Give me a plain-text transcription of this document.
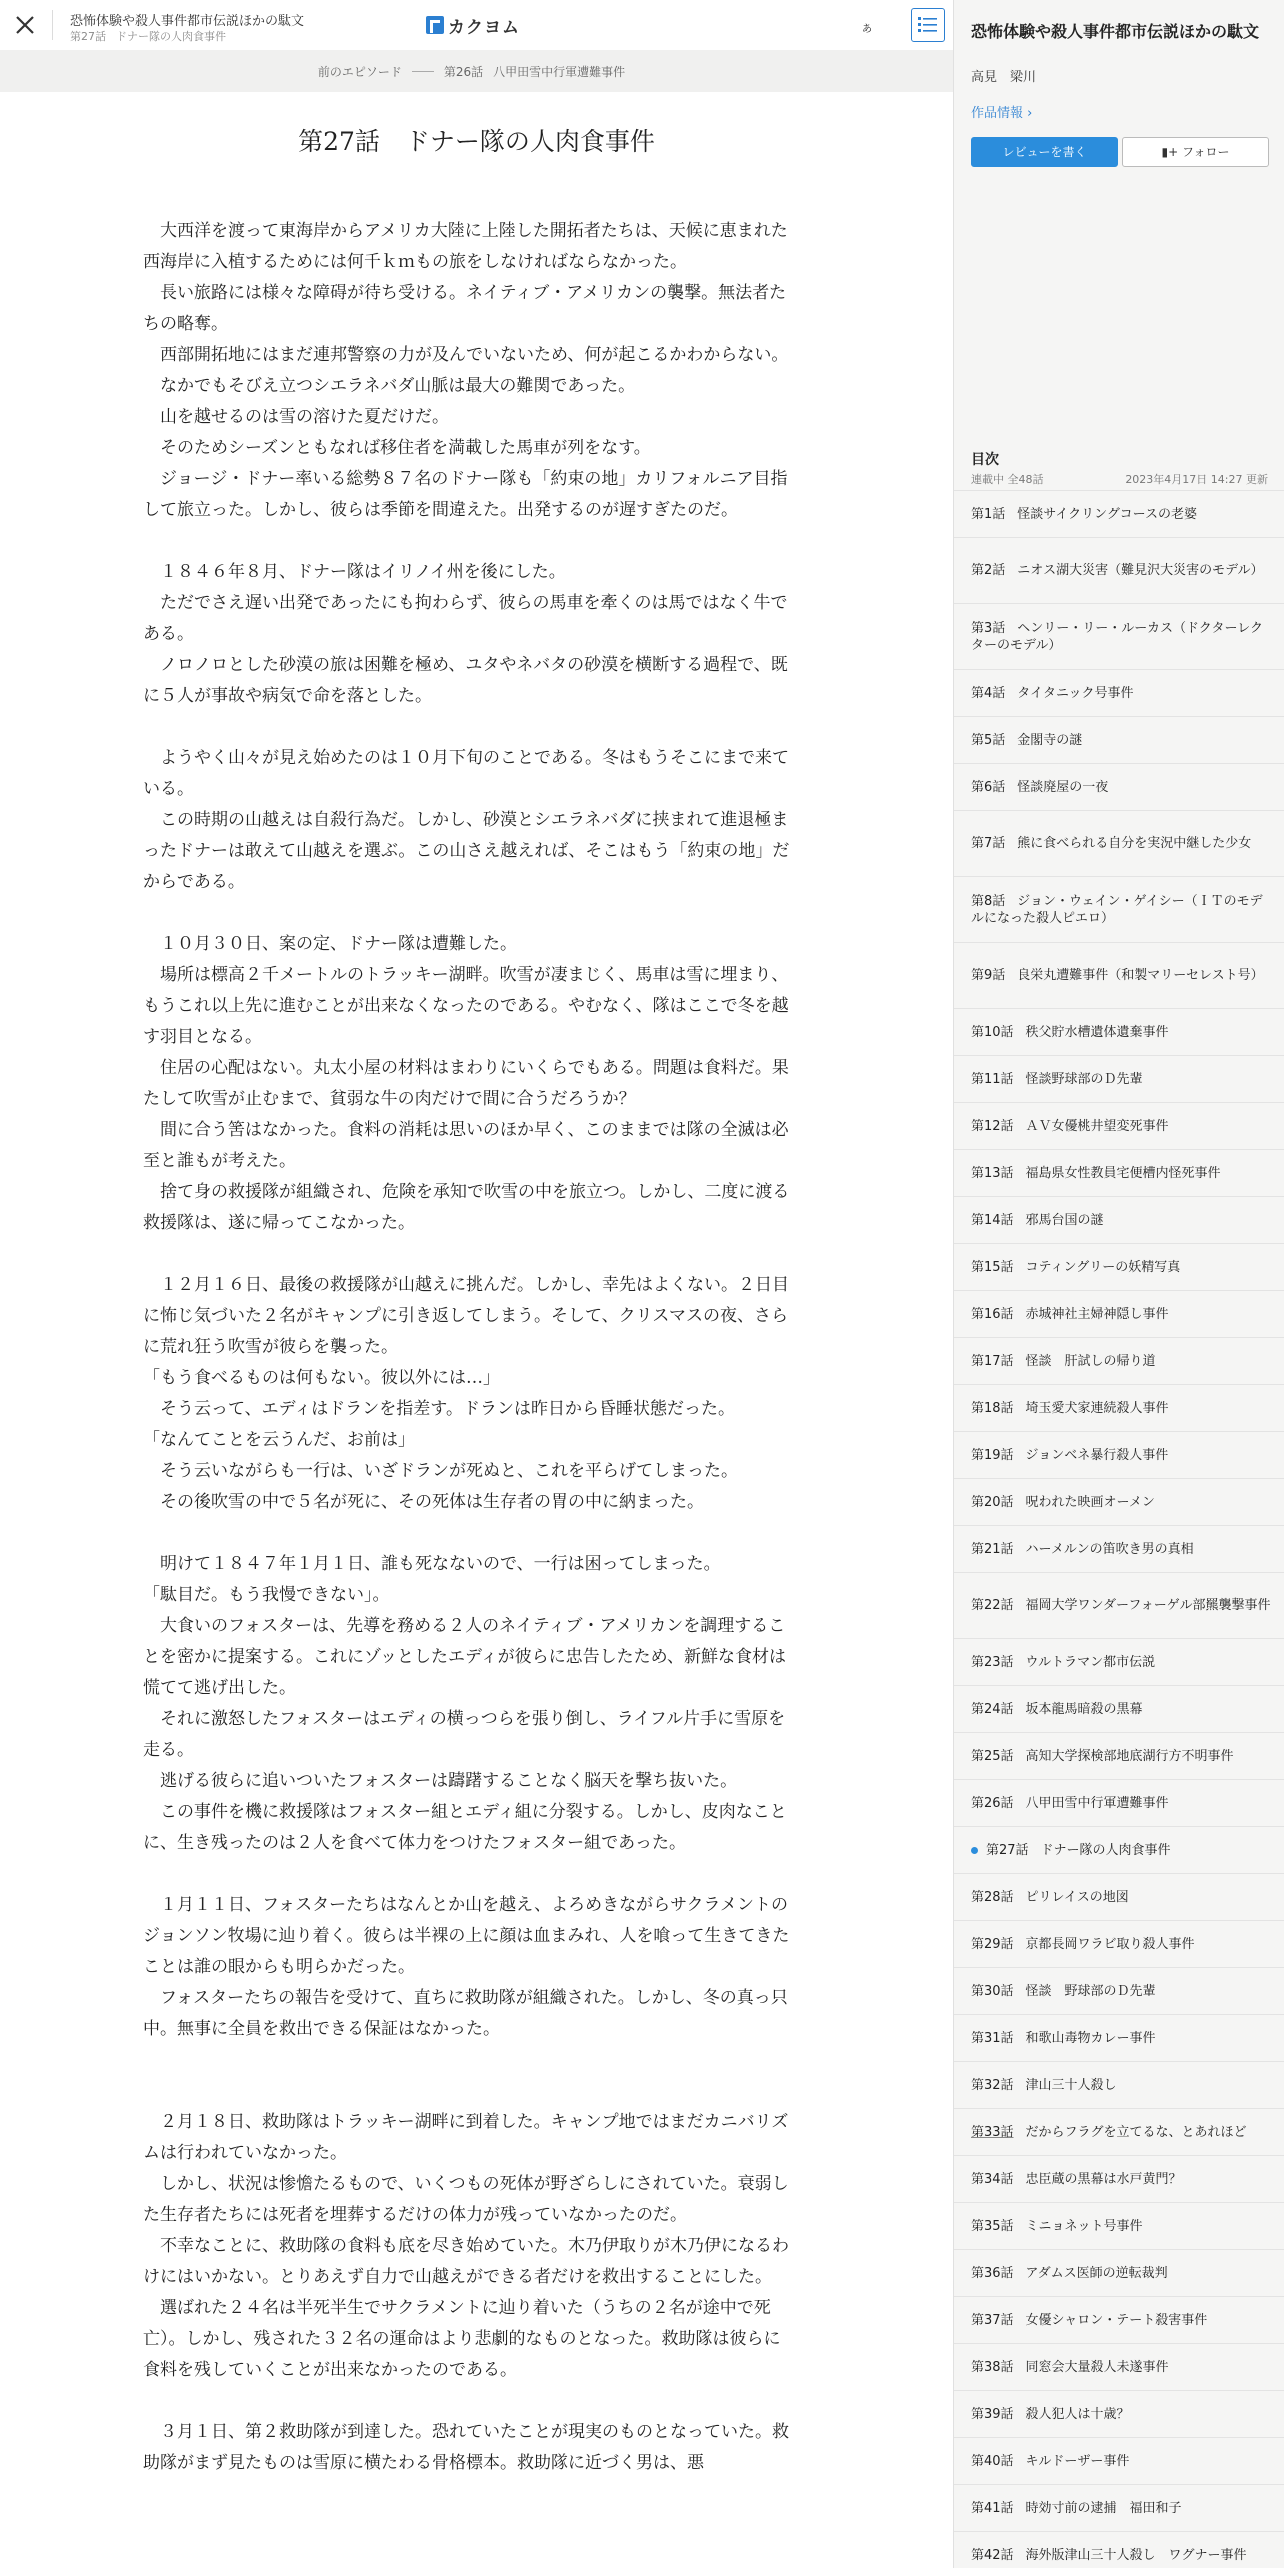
恐怖体験や殺人事件都市伝説ほかの駄文
第27話 ドナー隊の人肉食事件	カクヨム	あ
前のエピソード	第26話 八甲田雪中行軍遭難事件
第27話　ドナー隊の人肉食事件

　大西洋を渡って東海岸からアメリカ大陸に上陸した開拓者たちは、天候に恵まれた西海岸に入植するためには何千ｋｍもの旅をしなければならなかった。

　長い旅路には様々な障碍が待ち受ける。ネイティブ・アメリカンの襲撃。無法者たちの略奪。

　西部開拓地にはまだ連邦警察の力が及んでいないため、何が起こるかわからない。

　なかでもそびえ立つシエラネバダ山脈は最大の難関であった。

　山を越せるのは雪の溶けた夏だけだ。

　そのためシーズンともなれば移住者を満載した馬車が列をなす。

　ジョージ・ドナー率いる総勢８７名のドナー隊も「約束の地」カリフォルニア目指して旅立った。しかし、彼らは季節を間違えた。出発するのが遅すぎたのだ。

　１８４６年８月、ドナー隊はイリノイ州を後にした。

　ただでさえ遅い出発であったにも拘わらず、彼らの馬車を牽くのは馬ではなく牛である。

　ノロノロとした砂漠の旅は困難を極め、ユタやネバタの砂漠を横断する過程で、既に５人が事故や病気で命を落とした。

　ようやく山々が見え始めたのは１０月下旬のことである。冬はもうそこにまで来ている。

　この時期の山越えは自殺行為だ。しかし、砂漠とシエラネバダに挟まれて進退極まったドナーは敢えて山越えを選ぶ。この山さえ越えれば、そこはもう「約束の地」だからである。

　１０月３０日、案の定、ドナー隊は遭難した。

　場所は標高２千メートルのトラッキー湖畔。吹雪が凄まじく、馬車は雪に埋まり、もうこれ以上先に進むことが出来なくなったのである。やむなく、隊はここで冬を越す羽目となる。

　住居の心配はない。丸太小屋の材料はまわりにいくらでもある。問題は食料だ。果たして吹雪が止むまで、貧弱な牛の肉だけで間に合うだろうか？

　間に合う筈はなかった。食料の消耗は思いのほか早く、このままでは隊の全滅は必至と誰もが考えた。

　捨て身の救援隊が組織され、危険を承知で吹雪の中を旅立つ。しかし、二度に渡る救援隊は、遂に帰ってこなかった。

　１２月１６日、最後の救援隊が山越えに挑んだ。しかし、幸先はよくない。２日目に怖じ気づいた２名がキャンプに引き返してしまう。そして、クリスマスの夜、さらに荒れ狂う吹雪が彼らを襲った。

「もう食べるものは何もない。彼以外には…」

　そう云って、エディはドランを指差す。ドランは昨日から昏睡状態だった。

「なんてことを云うんだ、お前は」

　そう云いながらも一行は、いざドランが死ぬと、これを平らげてしまった。

　その後吹雪の中で５名が死に、その死体は生存者の胃の中に納まった。

　明けて１８４７年１月１日、誰も死なないので、一行は困ってしまった。

「駄目だ。もう我慢できない」。

　大食いのフォスターは、先導を務める２人のネイティブ・アメリカンを調理することを密かに提案する。これにゾッとしたエディが彼らに忠告したため、新鮮な食材は慌てて逃げ出した。

　それに激怒したフォスターはエディの横っつらを張り倒し、ライフル片手に雪原を走る。

　逃げる彼らに追いついたフォスターは躊躇することなく脳天を撃ち抜いた。

　この事件を機に救援隊はフォスター組とエディ組に分裂する。しかし、皮肉なことに、生き残ったのは２人を食べて体力をつけたフォスター組であった。

　１月１１日、フォスターたちはなんとか山を越え、よろめきながらサクラメントのジョンソン牧場に辿り着く。彼らは半裸の上に顔は血まみれ、人を喰って生きてきたことは誰の眼からも明らかだった。

　フォスターたちの報告を受けて、直ちに救助隊が組織された。しかし、冬の真っ只中。無事に全員を救出できる保証はなかった。

　２月１８日、救助隊はトラッキー湖畔に到着した。キャンプ地ではまだカニバリズムは行われていなかった。

　しかし、状況は惨憺たるもので、いくつもの死体が野ざらしにされていた。衰弱した生存者たちには死者を埋葬するだけの体力が残っていなかったのだ。

　不幸なことに、救助隊の食料も底を尽き始めていた。木乃伊取りが木乃伊になるわけにはいかない。とりあえず自力で山越えができる者だけを救出することにした。

　選ばれた２４名は半死半生でサクラメントに辿り着いた（うちの２名が途中で死亡）。しかし、残された３２名の運命はより悲劇的なものとなった。救助隊は彼らに食料を残していくことが出来なかったのである。

　３月１日、第２救助隊が到達した。恐れていたことが現実のものとなっていた。救助隊がまず見たものは雪原に横たわる骨格標本。救助隊に近づく男は、悪

恐怖体験や殺人事件都市伝説ほかの駄文
高見　梁川
作品情報 ›
レビューを書く	▮+ フォロー
目次
連載中 全48話	2023年4月17日 14:27 更新
第1話 怪談サイクリングコースの老婆
第2話 ニオス湖大災害（難見沢大災害のモデル）
第3話 ヘンリー・リー・ルーカス（ドクターレクターのモデル）
第4話 タイタニック号事件
第5話 金閣寺の謎
第6話 怪談廃屋の一夜
第7話 熊に食べられる自分を実況中継した少女
第8話 ジョン・ウェイン・ゲイシー（ＩＴのモデルになった殺人ピエロ）
第9話 良栄丸遭難事件（和製マリーセレスト号）
第10話 秩父貯水槽遺体遺棄事件
第11話 怪談野球部のＤ先輩
第12話 ＡＶ女優桃井望変死事件
第13話 福島県女性教員宅便槽内怪死事件
第14話 邪馬台国の謎
第15話 コティングリーの妖精写真
第16話 赤城神社主婦神隠し事件
第17話 怪談　肝試しの帰り道
第18話 埼玉愛犬家連続殺人事件
第19話 ジョンベネ暴行殺人事件
第20話 呪われた映画オーメン
第21話 ハーメルンの笛吹き男の真相
第22話 福岡大学ワンダーフォーゲル部羆襲撃事件
第23話 ウルトラマン都市伝説
第24話 坂本龍馬暗殺の黒幕
第25話 高知大学探検部地底湖行方不明事件
第26話 八甲田雪中行軍遭難事件
第27話 ドナー隊の人肉食事件
第28話 ピリレイスの地図
第29話 京都長岡ワラビ取り殺人事件
第30話 怪談　野球部のＤ先輩
第31話 和歌山毒物カレー事件
第32話 津山三十人殺し
第33話 だからフラグを立てるな、とあれほど
第34話 忠臣蔵の黒幕は水戸黄門？
第35話 ミニョネット号事件
第36話 アダムス医師の逆転裁判
第37話 女優シャロン・テート殺害事件
第38話 同窓会大量殺人未遂事件
第39話 殺人犯人は十歳？
第40話 キルドーザー事件
第41話 時効寸前の逮捕　福田和子
第42話 海外版津山三十人殺し　ワグナー事件
